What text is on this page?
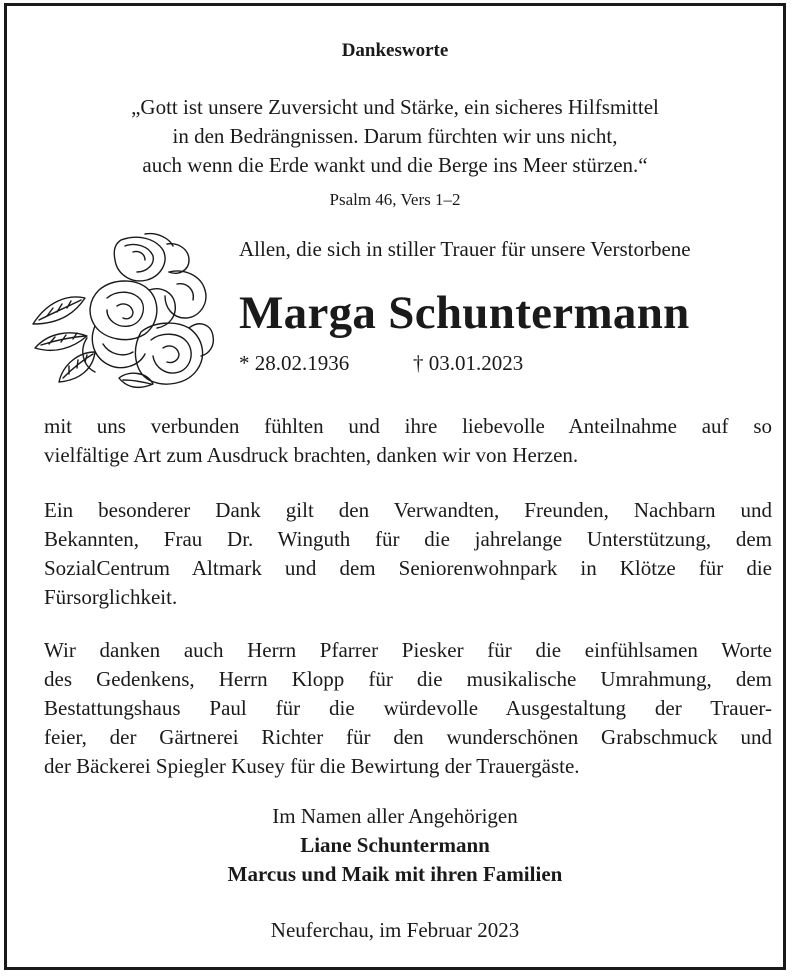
Dankesworte
„Gott ist unsere Zuversicht und Stärke, ein sicheres Hilfsmittel
in den Bedrängnissen. Darum fürchten wir uns nicht,
auch wenn die Erde wankt und die Berge ins Meer stürzen.“
Psalm 46, Vers 1–2
Allen, die sich in stiller Trauer für unsere Verstorbene
Marga Schuntermann
* 28.02.1936	† 03.01.2023
mit uns verbunden fühlten und ihre liebevolle Anteilnahme auf so
vielfältige Art zum Ausdruck brachten, danken wir von Herzen.
Ein besonderer Dank gilt den Verwandten, Freunden, Nachbarn und
Bekannten, Frau Dr. Winguth für die jahrelange Unterstützung, dem
SozialCentrum Altmark und dem Seniorenwohnpark in Klötze für die
Fürsorglichkeit.
Wir danken auch Herrn Pfarrer Piesker für die einfühlsamen Worte
des Gedenkens, Herrn Klopp für die musikalische Umrahmung, dem
Bestattungshaus Paul für die würdevolle Ausgestaltung der Trauer-
feier, der Gärtnerei Richter für den wunderschönen Grabschmuck und
der Bäckerei Spiegler Kusey für die Bewirtung der Trauergäste.
Im Namen aller Angehörigen
Liane Schuntermann
Marcus und Maik mit ihren Familien
Neuferchau, im Februar 2023
